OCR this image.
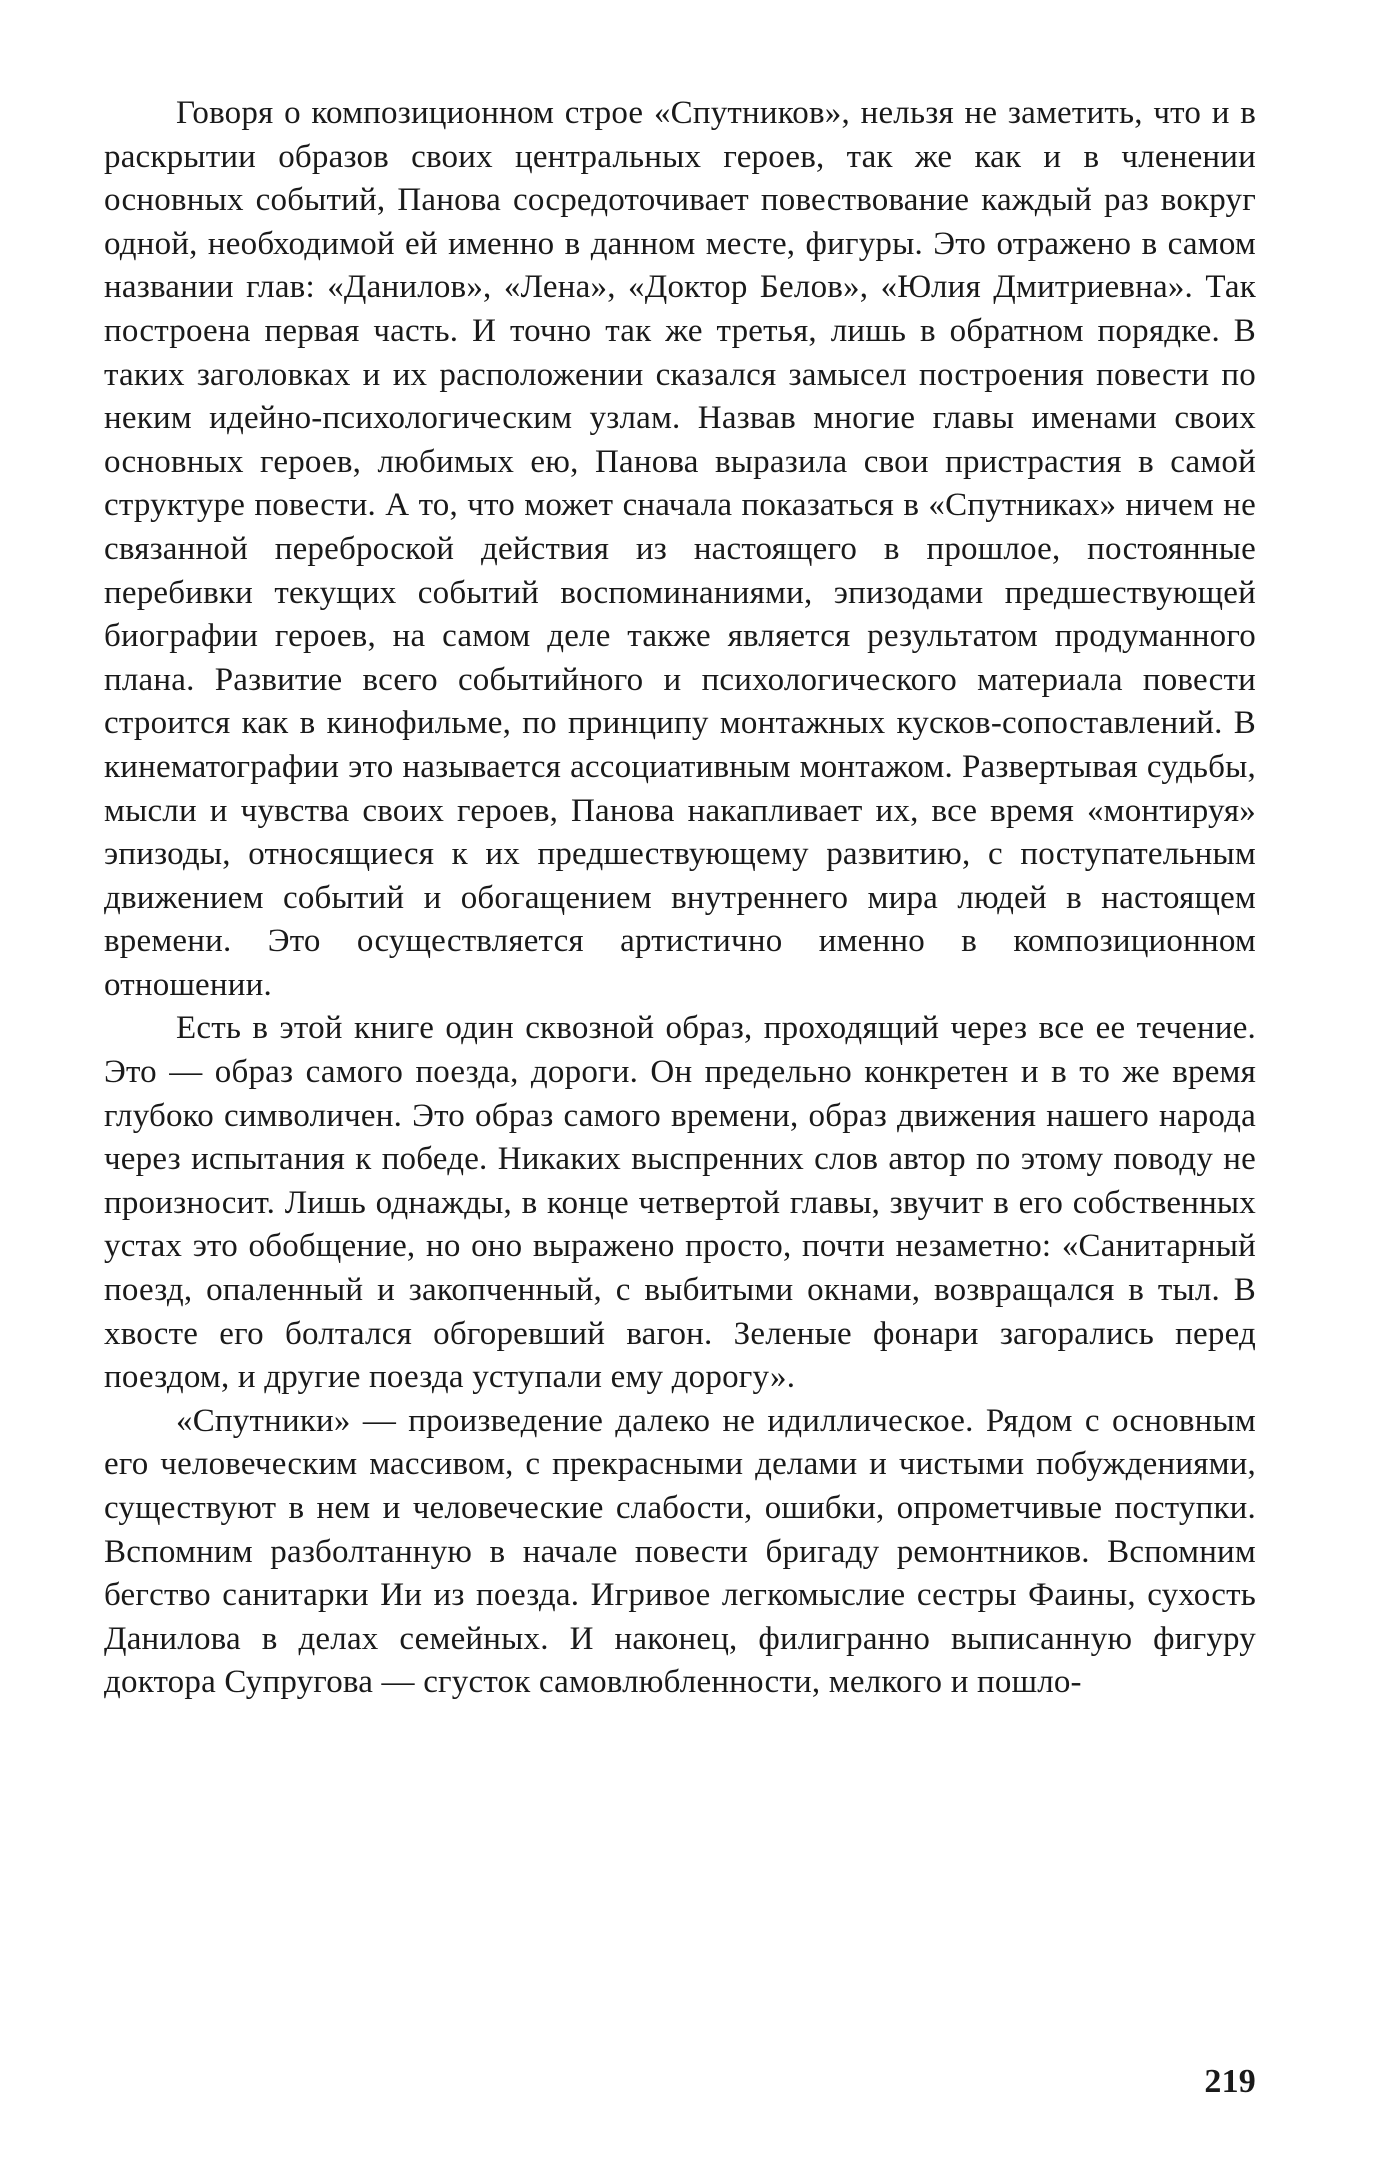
Говоря о композиционном строе «Спутников», нельзя не заметить, что и в раскрытии образов своих центральных героев, так же как и в членении основных событий, Панова сосредоточивает повествование каждый раз вокруг одной, необходимой ей именно в данном месте, фигуры. Это отражено в самом названии глав: «Данилов», «Лена», «Доктор Белов», «Юлия Дмитриевна». Так построена первая часть. И точно так же третья, лишь в обратном порядке. В таких заголовках и их расположении сказался замысел построения повести по неким идейно-психологическим узлам. Назвав многие главы именами своих основных героев, любимых ею, Панова выразила свои пристрастия в самой структуре повести. А то, что может сначала показаться в «Спутниках» ничем не связанной переброской действия из настоящего в прошлое, постоянные перебивки текущих событий воспоминаниями, эпизодами предшествующей биографии героев, на самом деле также является результатом продуманного плана. Развитие всего событийного и психологического материала повести строится как в кинофильме, по принципу монтажных кусков-сопоставлений. В кинематографии это называется ассоциативным монтажом. Развертывая судьбы, мысли и чувства своих героев, Панова накапливает их, все время «монтируя» эпизоды, относящиеся к их предшествующему развитию, с поступательным движением событий и обогащением внутреннего мира людей в настоящем времени. Это осуществляется артистично именно в композиционном отношении.

Есть в этой книге один сквозной образ, проходящий через все ее течение. Это — образ самого поезда, дороги. Он предельно конкретен и в то же время глубоко символичен. Это образ самого времени, образ движения нашего народа через испытания к победе. Никаких выспренних слов автор по этому поводу не произносит. Лишь однажды, в конце четвертой главы, звучит в его собственных устах это обобщение, но оно выражено просто, почти незаметно: «Санитарный поезд, опаленный и закопченный, с выбитыми окнами, возвращался в тыл. В хвосте его болтался обгоревший вагон. Зеленые фонари загорались перед поездом, и другие поезда уступали ему дорогу».

«Спутники» — произведение далеко не идиллическое. Рядом с основным его человеческим массивом, с прекрасными делами и чистыми побуждениями, существуют в нем и человеческие слабости, ошибки, опрометчивые поступки. Вспомним разболтанную в начале повести бригаду ремонтников. Вспомним бегство санитарки Ии из поезда. Игривое легкомыслие сестры Фаины, сухость Данилова в делах семейных. И наконец, филигранно выписанную фигуру доктора Супругова — сгусток самовлюбленности, мелкого и пошло-

219
